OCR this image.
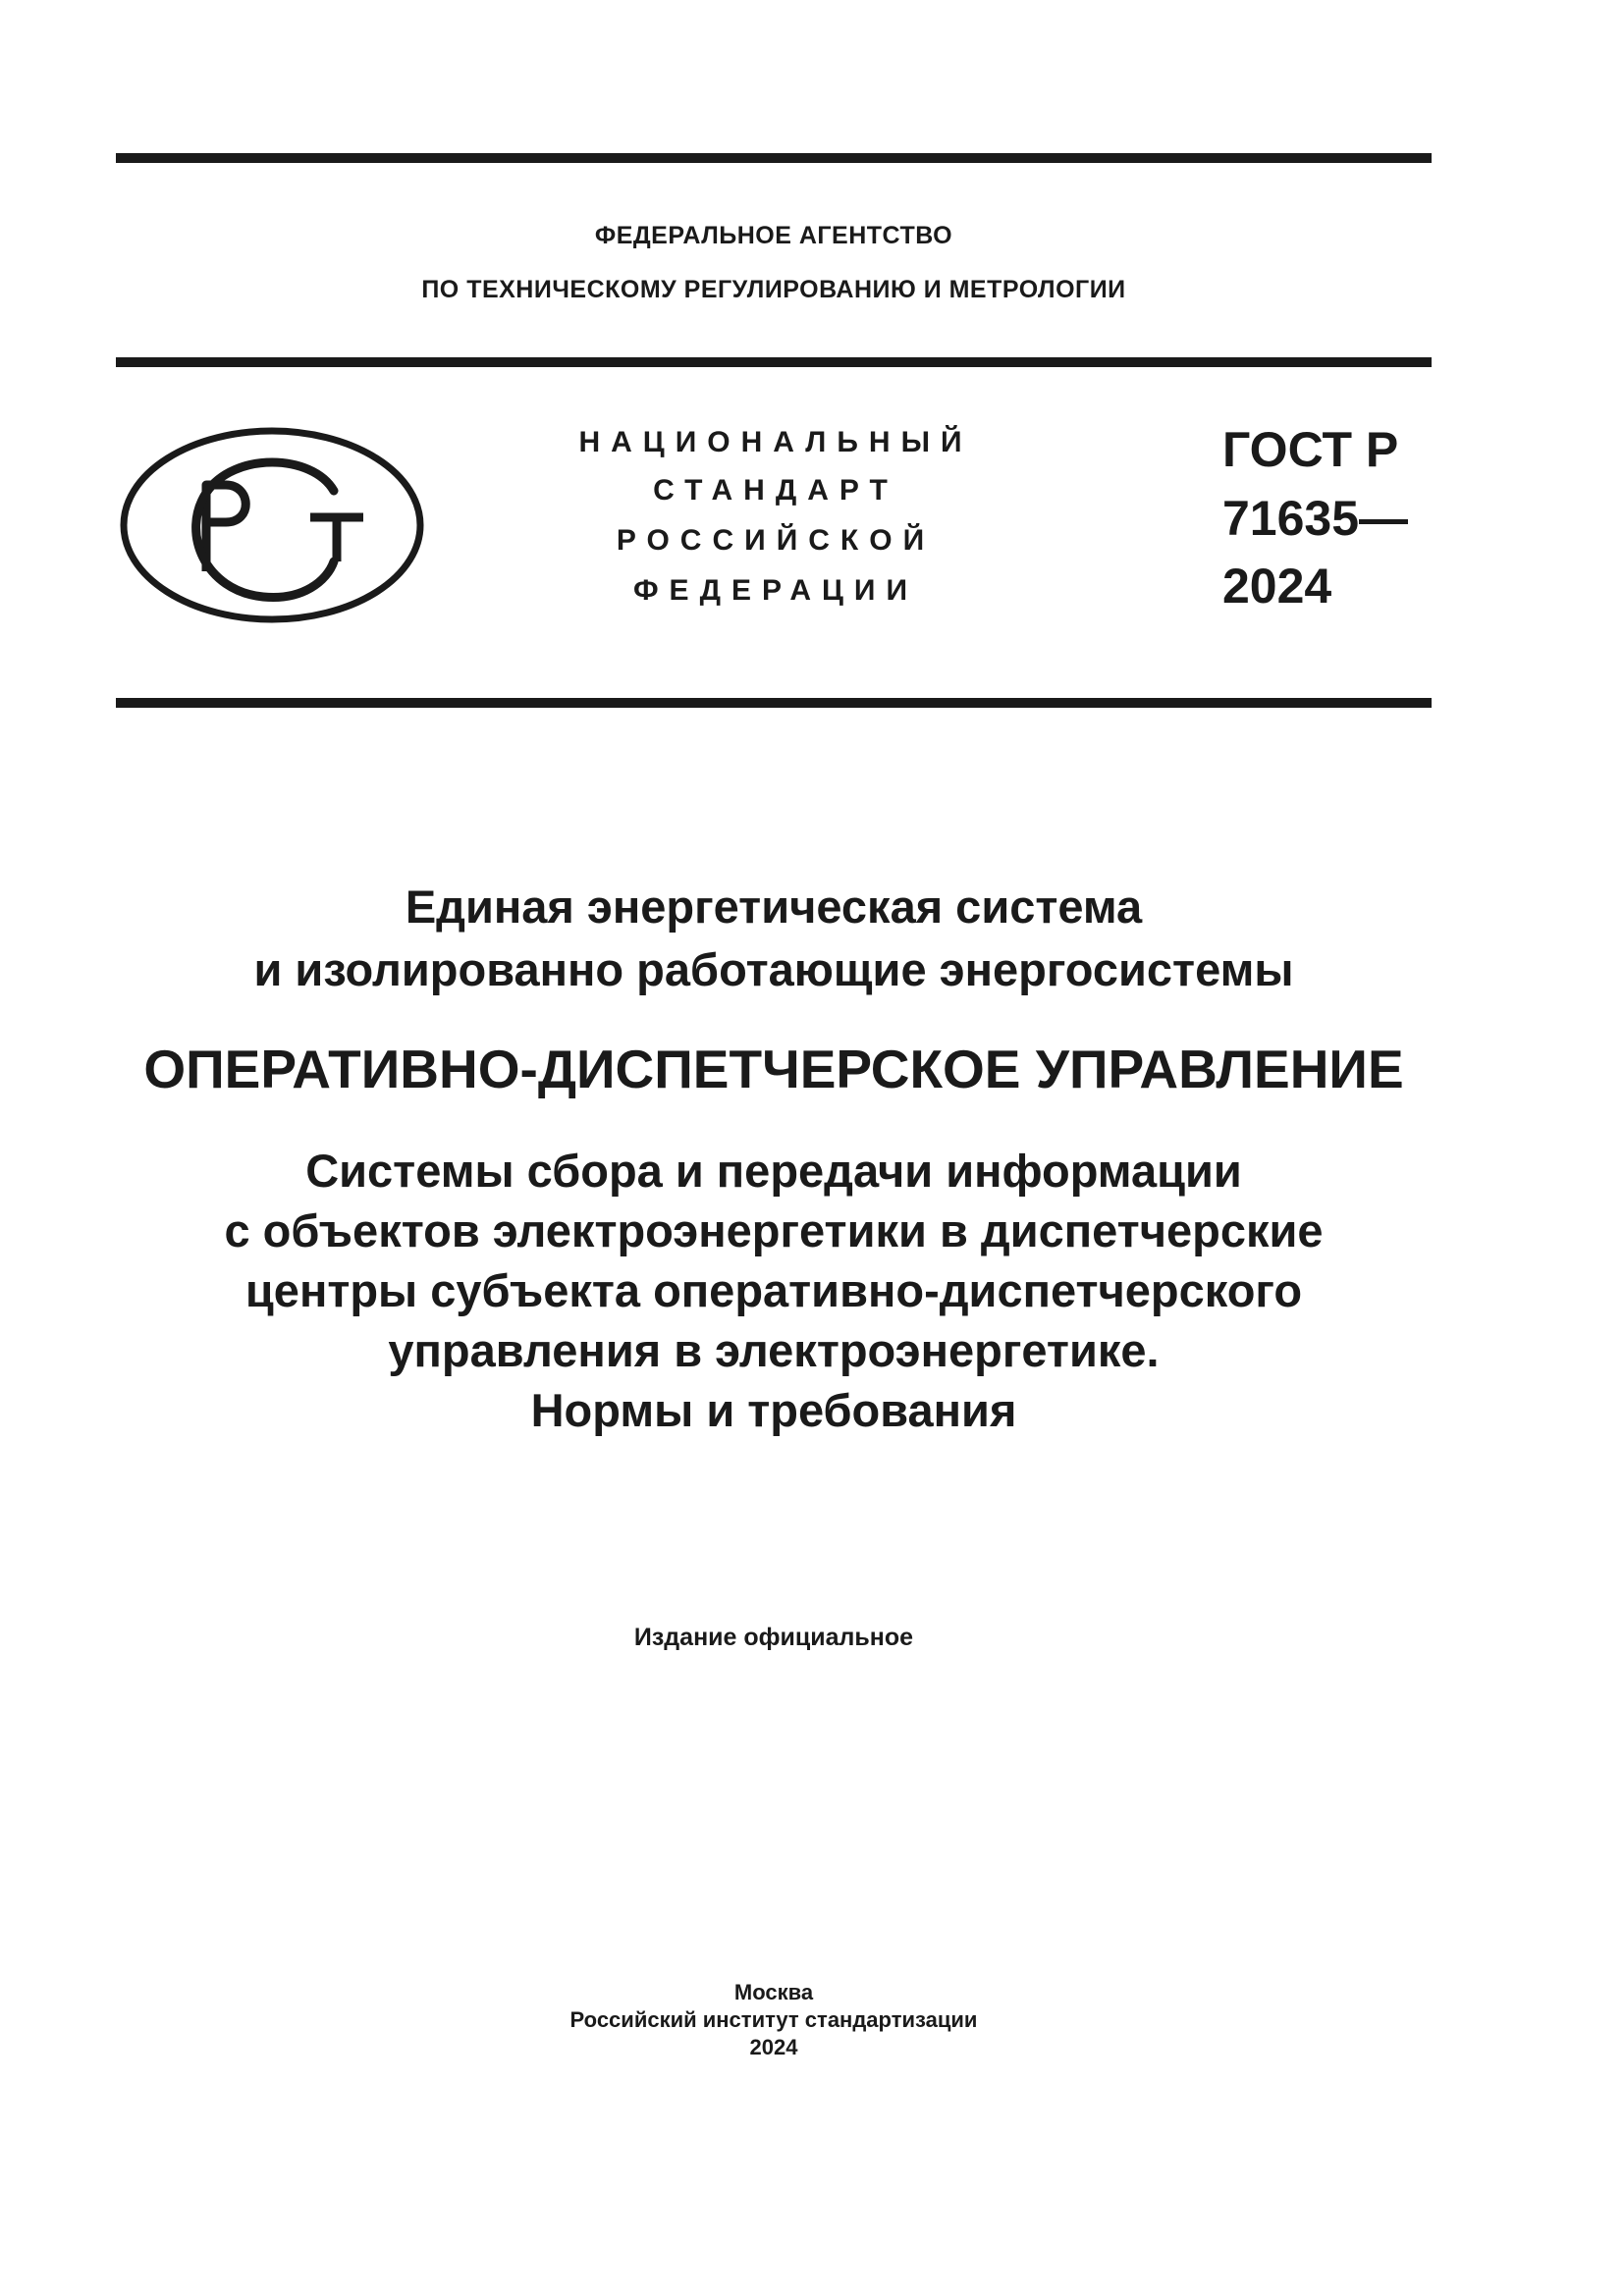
ФЕДЕРАЛЬНОЕ АГЕНТСТВО
ПО ТЕХНИЧЕСКОМУ РЕГУЛИРОВАНИЮ И МЕТРОЛОГИИ
НАЦИОНАЛЬНЫЙ
СТАНДАРТ
РОССИЙСКОЙ
ФЕДЕРАЦИИ
ГОСТ Р
71635—
2024
Единая энергетическая система
и изолированно работающие энергосистемы
ОПЕРАТИВНО-ДИСПЕТЧЕРСКОЕ УПРАВЛЕНИЕ
Системы сбора и передачи информации
с объектов электроэнергетики в диспетчерские
центры субъекта оперативно-диспетчерского
управления в электроэнергетике.
Нормы и требования
Издание официальное
Москва
Российский институт стандартизации
2024
